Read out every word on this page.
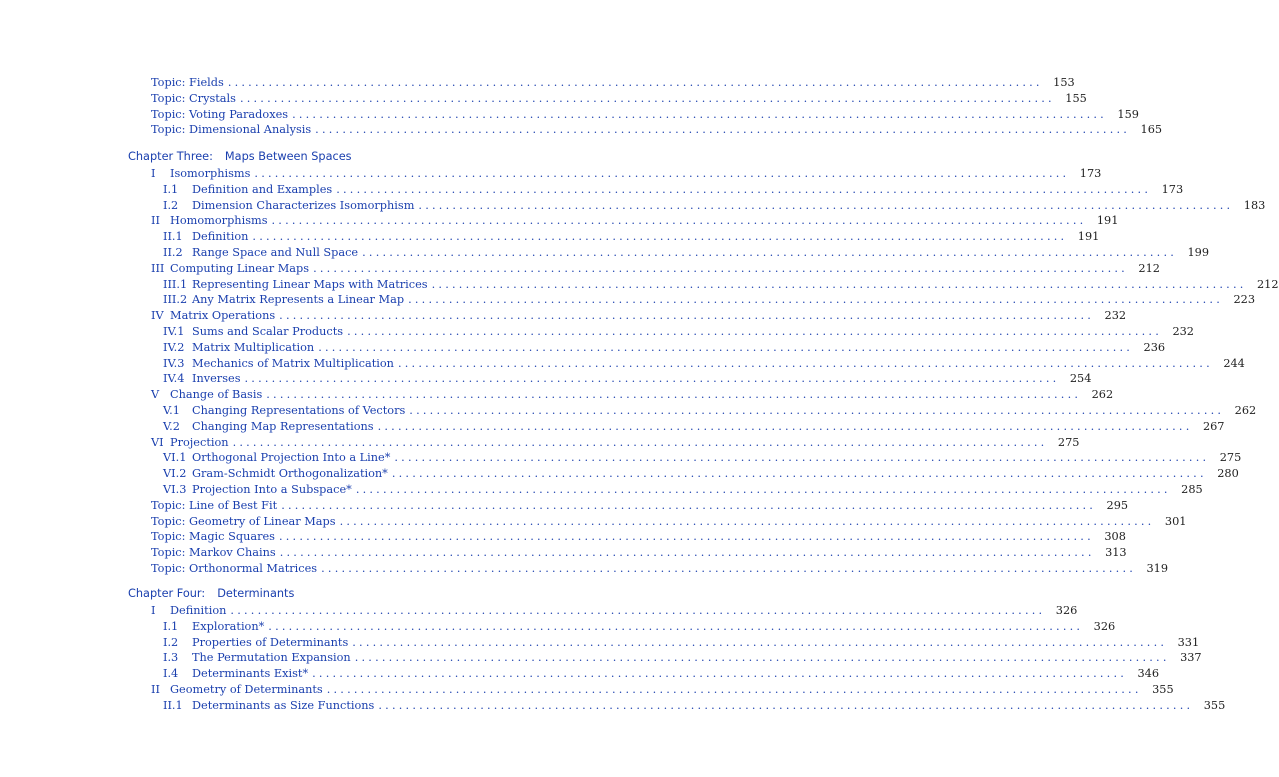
Chapter Three: Maps Between Spaces
Chapter Four: Determinants
Topic: Fields ........................................................................................................................ 153
Topic: Crystals ........................................................................................................................ 155
Topic: Voting Paradoxes ........................................................................................................................ 159
Topic: Dimensional Analysis ........................................................................................................................ 165
I	Isomorphisms ........................................................................................................................ 173
I.1	Definition and Examples ........................................................................................................................ 173
I.2	Dimension Characterizes Isomorphism ........................................................................................................................ 183
II Homomorphisms ........................................................................................................................ 191
II.1 Definition ........................................................................................................................ 191
II.2 Range Space and Null Space ........................................................................................................................ 199
III Computing Linear Maps ........................................................................................................................ 212
III.1 Representing Linear Maps with Matrices ........................................................................................................................ 212
III.2 Any Matrix Represents a Linear Map ........................................................................................................................ 223
IV Matrix Operations ........................................................................................................................ 232
IV.1 Sums and Scalar Products ........................................................................................................................ 232
IV.2 Matrix Multiplication ........................................................................................................................ 236
IV.3 Mechanics of Matrix Multiplication ........................................................................................................................ 244
IV.4 Inverses ........................................................................................................................ 254
V Change of Basis ........................................................................................................................ 262
V.1	Changing Representations of Vectors ........................................................................................................................ 262
V.2	Changing Map Representations ........................................................................................................................ 267
VI Projection ........................................................................................................................ 275
VI.1 Orthogonal Projection Into a Line* ........................................................................................................................ 275
VI.2 Gram-Schmidt Orthogonalization* ........................................................................................................................ 280
VI.3 Projection Into a Subspace* ........................................................................................................................ 285
Topic: Line of Best Fit ........................................................................................................................ 295
Topic: Geometry of Linear Maps ........................................................................................................................ 301
Topic: Magic Squares ........................................................................................................................ 308
Topic: Markov Chains ........................................................................................................................ 313
Topic: Orthonormal Matrices ........................................................................................................................ 319
I	Definition ........................................................................................................................ 326
I.1	Exploration* ........................................................................................................................ 326
I.2	Properties of Determinants ........................................................................................................................ 331
I.3	The Permutation Expansion ........................................................................................................................ 337
I.4	Determinants Exist* ........................................................................................................................ 346
II Geometry of Determinants ........................................................................................................................ 355
II.1 Determinants as Size Functions ........................................................................................................................ 355
